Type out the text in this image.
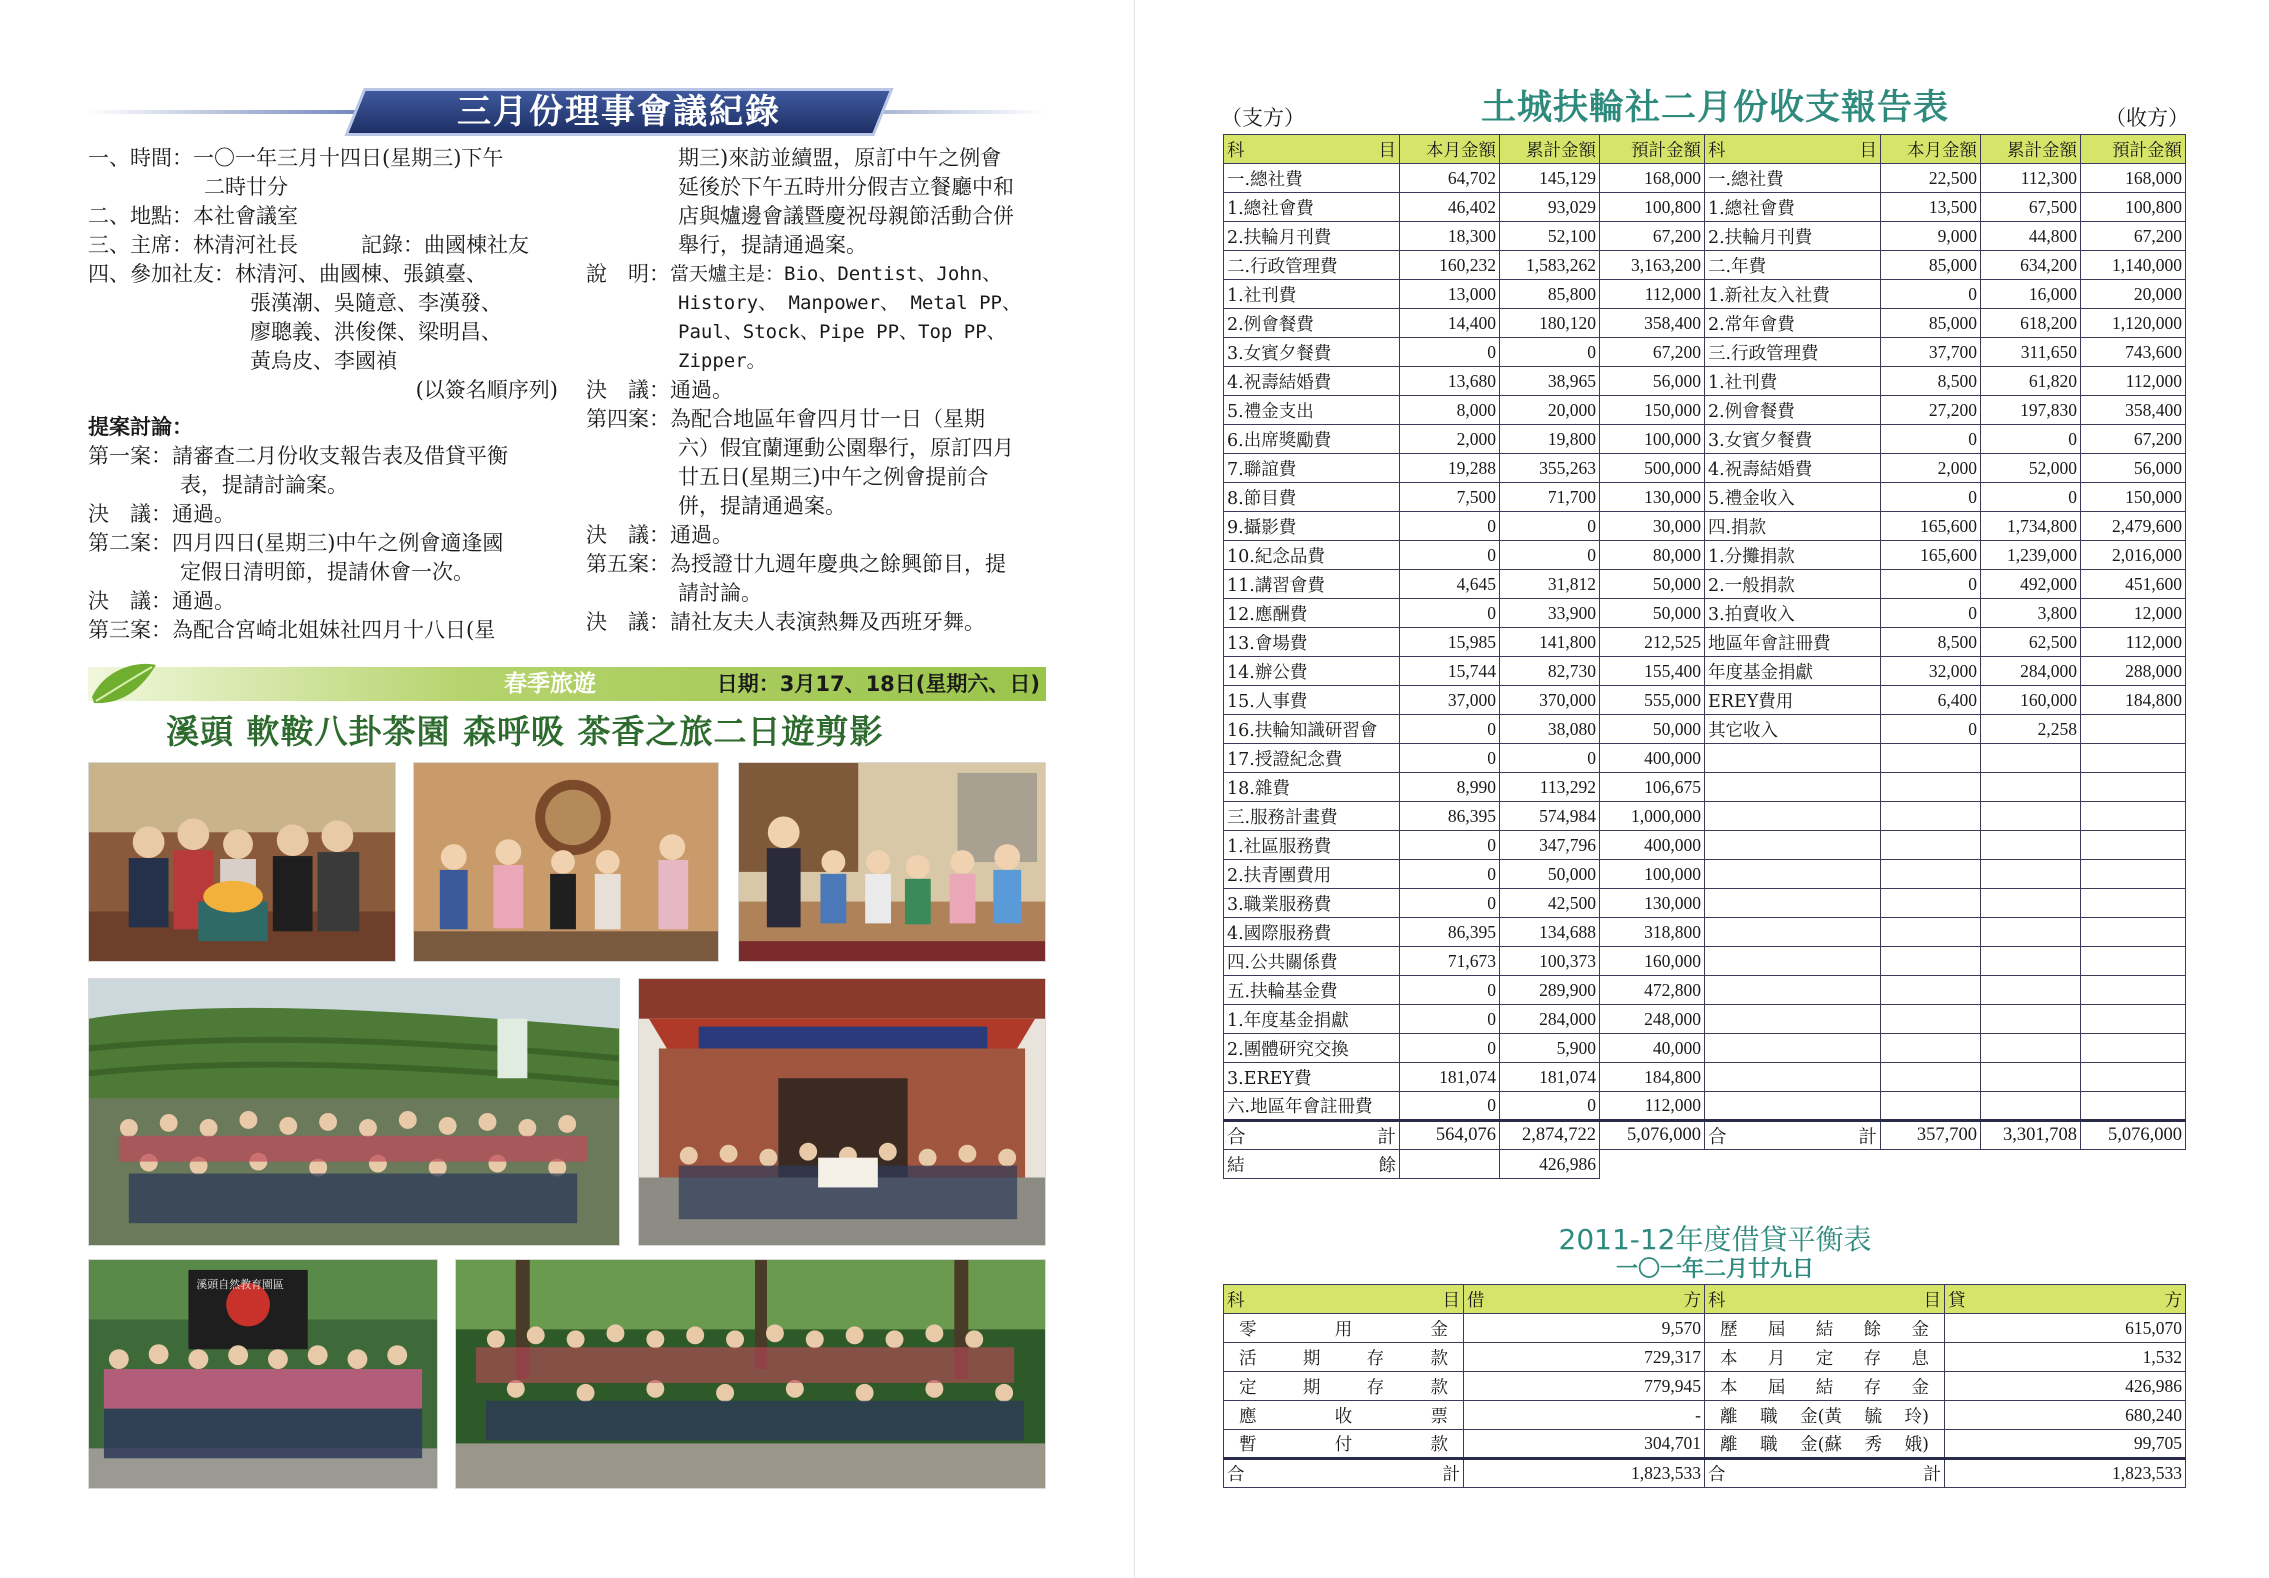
三月份理事會議紀錄
一、時間： 一〇一年三月十四日(星期三)下午
二時廿分
二、地點： 本社會議室
三、主席： 林清河社長	記錄： 曲國棟社友
四、參加社友： 林清河、曲國棟、張鎮臺、
張漢潮、吳隨意、李漢發、
廖聰義、洪俊傑、梁明昌、
黃烏皮、李國禎
(以簽名順序列)
提案討論：
第一案： 請審查二月份收支報告表及借貸平衡
表，提請討論案。
決　議： 通過。
第二案： 四月四日(星期三)中午之例會適逢國
定假日清明節，提請休會一次。
決　議： 通過。
第三案： 為配合宮崎北姐妹社四月十八日(星
期三)來訪並續盟，原訂中午之例會
延後於下午五時卅分假吉立餐廳中和
店與爐邊會議暨慶祝母親節活動合併
舉行，提請通過案。
說　明： 當天爐主是：Bio、Dentist、John、
History、 Manpower、 Metal PP、
Paul、Stock、Pipe PP、Top PP、
Zipper。
決　議： 通過。
第四案： 為配合地區年會四月廿一日（星期
六）假宜蘭運動公園舉行，原訂四月
廿五日(星期三)中午之例會提前合
併，提請通過案。
決　議： 通過。
第五案： 為授證廿九週年慶典之餘興節目，提
請討論。
決　議： 請社友夫人表演熱舞及西班牙舞。
春季旅遊	日期：3月17、18日(星期六、日)
溪頭 軟鞍八卦茶園 森呼吸 茶香之旅二日遊剪影
溪頭自然教育園區
土城扶輪社二月份收支報告表
（支方）	（收方）
科 目	本月金額	累計金額	預計金額	科 目	本月金額	累計金額	預計金額
一.總社費	64,702	145,129	168,000	一.總社費	22,500	112,300	168,000
1.總社會費	46,402	93,029	100,800	1.總社會費	13,500	67,500	100,800
2.扶輪月刊費	18,300	52,100	67,200	2.扶輪月刊費	9,000	44,800	67,200
二.行政管理費	160,232	1,583,262	3,163,200	二.年費	85,000	634,200	1,140,000
1.社刊費	13,000	85,800	112,000	1.新社友入社費	0	16,000	20,000
2.例會餐費	14,400	180,120	358,400	2.常年會費	85,000	618,200	1,120,000
3.女賓夕餐費	0	0	67,200	三.行政管理費	37,700	311,650	743,600
4.祝壽結婚費	13,680	38,965	56,000	1.社刊費	8,500	61,820	112,000
5.禮金支出	8,000	20,000	150,000	2.例會餐費	27,200	197,830	358,400
6.出席獎勵費	2,000	19,800	100,000	3.女賓夕餐費	0	0	67,200
7.聯誼費	19,288	355,263	500,000	4.祝壽結婚費	2,000	52,000	56,000
8.節目費	7,500	71,700	130,000	5.禮金收入	0	0	150,000
9.攝影費	0	0	30,000	四.捐款	165,600	1,734,800	2,479,600
10.紀念品費	0	0	80,000	1.分攤捐款	165,600	1,239,000	2,016,000
11.講習會費	4,645	31,812	50,000	2.一般捐款	0	492,000	451,600
12.應酬費	0	33,900	50,000	3.拍賣收入	0	3,800	12,000
13.會場費	15,985	141,800	212,525	地區年會註冊費	8,500	62,500	112,000
14.辦公費	15,744	82,730	155,400	年度基金捐獻	32,000	284,000	288,000
15.人事費	37,000	370,000	555,000	EREY費用	6,400	160,000	184,800
16.扶輪知識研習會	0	38,080	50,000	其它收入	0	2,258	
17.授證紀念費	0	0	400,000				
18.雜費	8,990	113,292	106,675				
三.服務計畫費	86,395	574,984	1,000,000				
1.社區服務費	0	347,796	400,000				
2.扶青團費用	0	50,000	100,000				
3.職業服務費	0	42,500	130,000				
4.國際服務費	86,395	134,688	318,800				
四.公共關係費	71,673	100,373	160,000				
五.扶輪基金費	0	289,900	472,800				
1.年度基金捐獻	0	284,000	248,000				
2.團體研究交換	0	5,900	40,000				
3.EREY費	181,074	181,074	184,800				
六.地區年會註冊費	0	0	112,000				

合 計	564,076	2,874,722	5,076,000	合 計	357,700	3,301,708	5,076,000

結 餘		426,986					
2011-12年度借貸平衡表
一〇一年二月廿九日
科 目	借 方	科 目	貸 方

零 用 金	9,570	歷 屆 結 餘 金	615,070

活 期 存 款	729,317	本 月 定 存 息	1,532

定 期 存 款	779,945	本 屆 結 存 金	426,986

應 收 票	-	離 職 金(黃 毓 玲)	680,240

暫 付 款	304,701	離 職 金(蘇 秀 娥)	99,705

合 計	1,823,533	合 計	1,823,533
